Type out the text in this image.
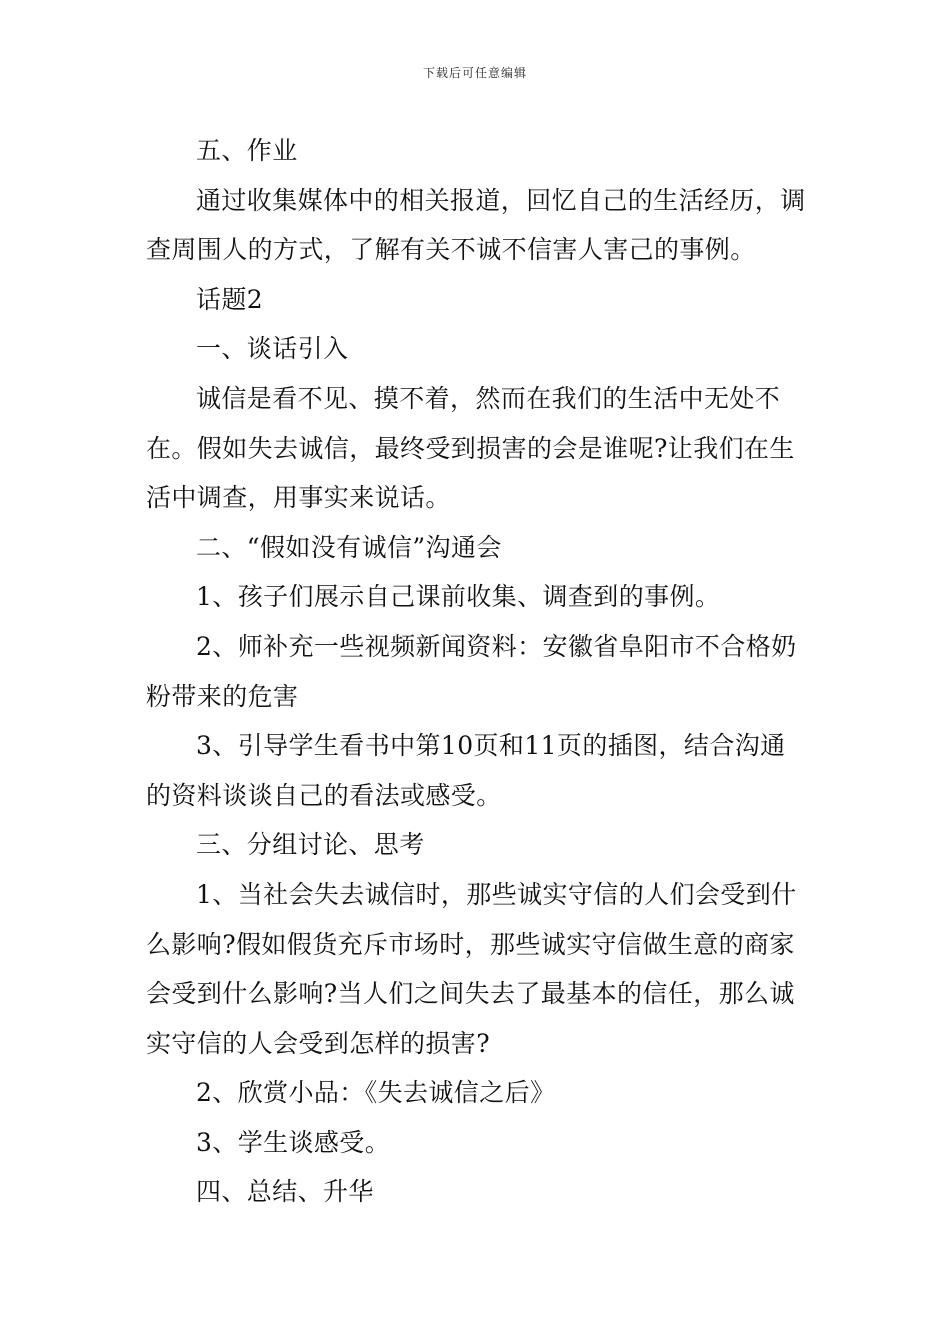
下载后可任意编辑

五、作业

通过收集媒体中的相关报道，回忆自己的生活经历，调查周围人的方式，了解有关不诚不信害人害己的事例。

话题2

一、谈话引入

诚信是看不见、摸不着，然而在我们的生活中无处不在。假如失去诚信，最终受到损害的会是谁呢?让我们在生活中调查，用事实来说话。

二、“假如没有诚信”沟通会

1、孩子们展示自己课前收集、调查到的事例。

2、师补充一些视频新闻资料：安徽省阜阳市不合格奶粉带来的危害

3、引导学生看书中第10页和11页的插图，结合沟通的资料谈谈自己的看法或感受。

三、分组讨论、思考

1、当社会失去诚信时，那些诚实守信的人们会受到什么影响?假如假货充斥市场时，那些诚实守信做生意的商家会受到什么影响?当人们之间失去了最基本的信任，那么诚实守信的人会受到怎样的损害?

2、欣赏小品：《失去诚信之后》

3、学生谈感受。

四、总结、升华
